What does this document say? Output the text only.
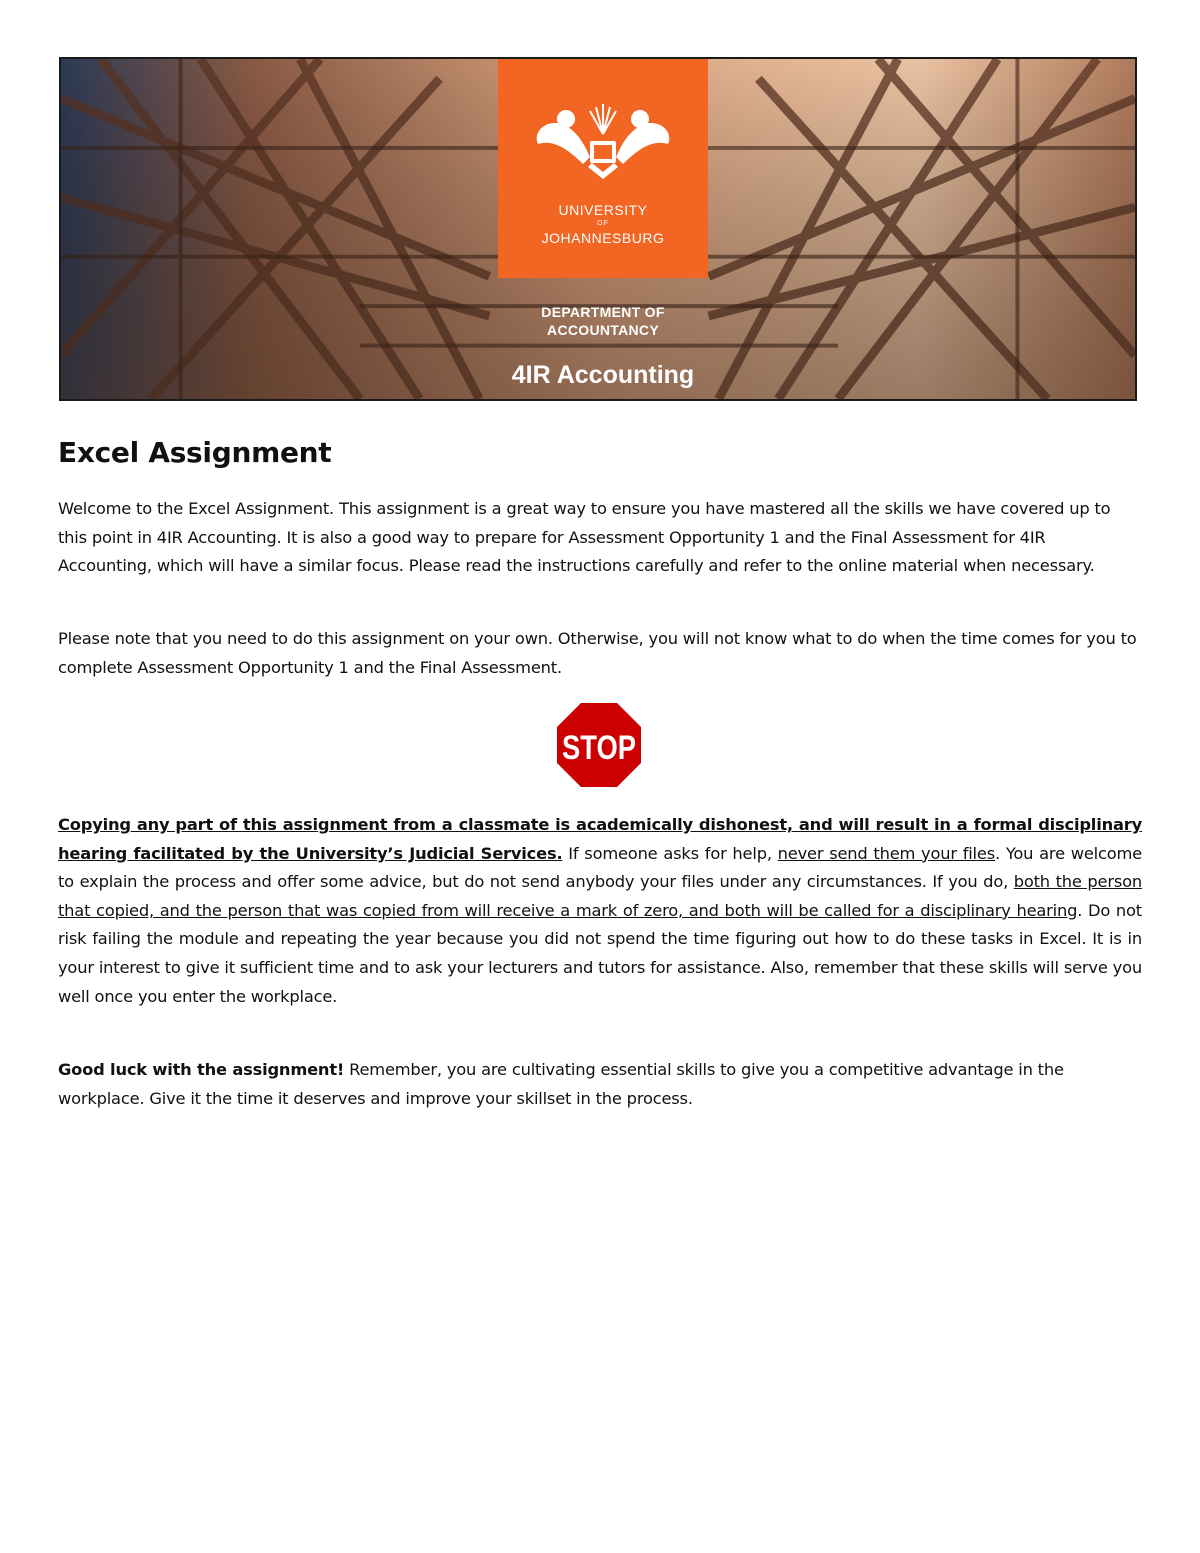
UNIVERSITY
OF
JOHANNESBURG
DEPARTMENT OF
ACCOUNTANCY
4IR Accounting
Excel Assignment

Welcome to the Excel Assignment. This assignment is a great way to ensure you have mastered all the skills we have covered up to this point in 4IR Accounting. It is also a good way to prepare for Assessment Opportunity 1 and the Final Assessment for 4IR Accounting, which will have a similar focus. Please read the instructions carefully and refer to the online material when necessary.

Please note that you need to do this assignment on your own. Otherwise, you will not know what to do when the time comes for you to complete Assessment Opportunity 1 and the Final Assessment.

STOP

Copying any part of this assignment from a classmate is academically dishonest, and will result in a formal disciplinary hearing facilitated by the University’s Judicial Services. If someone asks for help, never send them your files. You are welcome to explain the process and offer some advice, but do not send anybody your files under any circumstances. If you do, both the person that copied, and the person that was copied from will receive a mark of zero, and both will be called for a disciplinary hearing. Do not risk failing the module and repeating the year because you did not spend the time figuring out how to do these tasks in Excel. It is in your interest to give it sufficient time and to ask your lecturers and tutors for assistance. Also, remember that these skills will serve you well once you enter the workplace.

Good luck with the assignment! Remember, you are cultivating essential skills to give you a competitive advantage in the workplace. Give it the time it deserves and improve your skillset in the process.
